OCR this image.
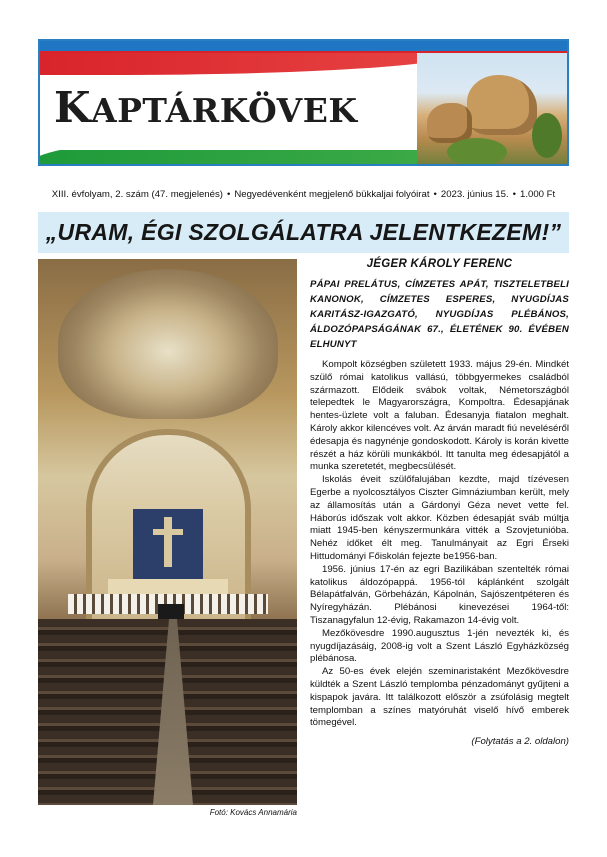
KAPTÁRKÖVEK
XIII. évfolyam, 2. szám (47. megjelenés) • Negyedévenként megjelenő bükkaljai folyóirat • 2023. június 15. • 1.000 Ft
„URAM, ÉGI SZOLGÁLATRA JELENTKEZEM!”
Fotó: Kovács Annamária
JÉGER KÁROLY FERENC
PÁPAI PRELÁTUS, CÍMZETES APÁT, TISZTELETBELI KANONOK, CÍMZETES ESPERES, NYUGDÍJAS KARITÁSZ-IGAZGATÓ, NYUGDÍJAS PLÉBÁNOS, ÁLDOZÓPAPSÁGÁNAK 67., ÉLETÉNEK 90. ÉVÉBEN ELHUNYT

Kompolt községben született 1933. május 29-én. Mindkét szülő római katolikus vallású, többgyermekes családból származott. Elődeik svábok voltak, Németországból telepedtek le Magyarországra, Kompoltra. Édesapjának hentes-üzlete volt a faluban. Édesanyja fiatalon meghalt. Károly akkor kilencéves volt. Az árván maradt fiú neveléséről édesapja és nagynénje gondoskodott. Károly is korán kivette részét a ház körüli munkákból. Itt tanulta meg édesapjától a munka szeretetét, megbecsülését.

Iskolás éveit szülőfalujában kezdte, majd tízévesen Egerbe a nyolcosztályos Ciszter Gimnáziumban került, mely az államosítás után a Gárdonyi Géza nevet vette fel. Háborús időszak volt akkor. Közben édesapját sváb múltja miatt 1945-ben kényszermunkára vitték a Szovjetunióba. Nehéz időket élt meg. Tanulmányait az Egri Érseki Hittudományi Főiskolán fejezte be1956-ban.

1956. június 17-én az egri Bazilikában szentelték római katolikus áldozópappá. 1956-tól káplánként szolgált Bélapátfalván, Görbeházán, Kápolnán, Sajószentpéteren és Nyíregyházán. Plébánosi kinevezései 1964-től: Tiszanagyfalun 12-évig, Rakamazon 14-évig volt.

Mezőkövesdre 1990.augusztus 1-jén nevezték ki, és nyugdíjazásáig, 2008-ig volt a Szent László Egyházközség plébánosa.

Az 50-es évek elején szeminaristaként Mezőkövesdre küldték a Szent László templomba pénzadományt gyűjteni a kispapok javára. Itt találkozott először a zsúfolásig megtelt templomban a színes matyóruhát viselő hívő emberek tömegével.

(Folytatás a 2. oldalon)
